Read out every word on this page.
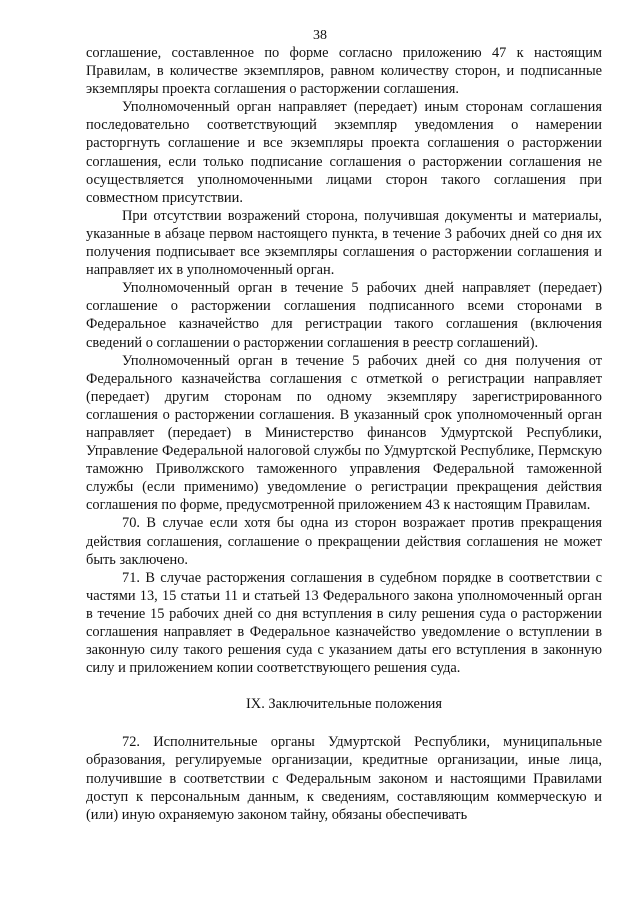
38

соглашение, составленное по форме согласно приложению 47 к настоящим Правилам, в количестве экземпляров, равном количеству сторон, и подписанные экземпляры проекта соглашения о расторжении соглашения.

Уполномоченный орган направляет (передает) иным сторонам соглашения последовательно соответствующий экземпляр уведомления о намерении расторгнуть соглашение и все экземпляры проекта соглашения о расторжении соглашения, если только подписание соглашения о расторжении соглашения не осуществляется уполномоченными лицами сторон такого соглашения при совместном присутствии.

При отсутствии возражений сторона, получившая документы и материалы, указанные в абзаце первом настоящего пункта, в течение 3 рабочих дней со дня их получения подписывает все экземпляры соглашения о расторжении соглашения и направляет их в уполномоченный орган.

Уполномоченный орган в течение 5 рабочих дней направляет (передает) соглашение о расторжении соглашения подписанного всеми сторонами в Федеральное казначейство для регистрации такого соглашения (включения сведений о соглашении о расторжении соглашения в реестр соглашений).

Уполномоченный орган в течение 5 рабочих дней со дня получения от Федерального казначейства соглашения с отметкой о регистрации направляет (передает) другим сторонам по одному экземпляру зарегистрированного соглашения о расторжении соглашения. В указанный срок уполномоченный орган направляет (передает) в Министерство финансов Удмуртской Республики, Управление Федеральной налоговой службы по Удмуртской Республике, Пермскую таможню Приволжского таможенного управления Федеральной таможенной службы (если применимо) уведомление о регистрации прекращения действия соглашения по форме, предусмотренной приложением 43 к настоящим Правилам.

70. В случае если хотя бы одна из сторон возражает против прекращения действия соглашения, соглашение о прекращении действия соглашения не может быть заключено.

71. В случае расторжения соглашения в судебном порядке в соответствии с частями 13, 15 статьи 11 и статьей 13 Федерального закона уполномоченный орган в течение 15 рабочих дней со дня вступления в силу решения суда о расторжении соглашения направляет в Федеральное казначейство уведомление о вступлении в законную силу такого решения суда с указанием даты его вступления в законную силу и приложением копии соответствующего решения суда.

IX. Заключительные положения

72. Исполнительные органы Удмуртской Республики, муниципальные образования, регулируемые организации, кредитные организации, иные лица, получившие в соответствии с Федеральным законом и настоящими Правилами доступ к персональным данным, к сведениям, составляющим коммерческую и (или) иную охраняемую законом тайну, обязаны обеспечивать
